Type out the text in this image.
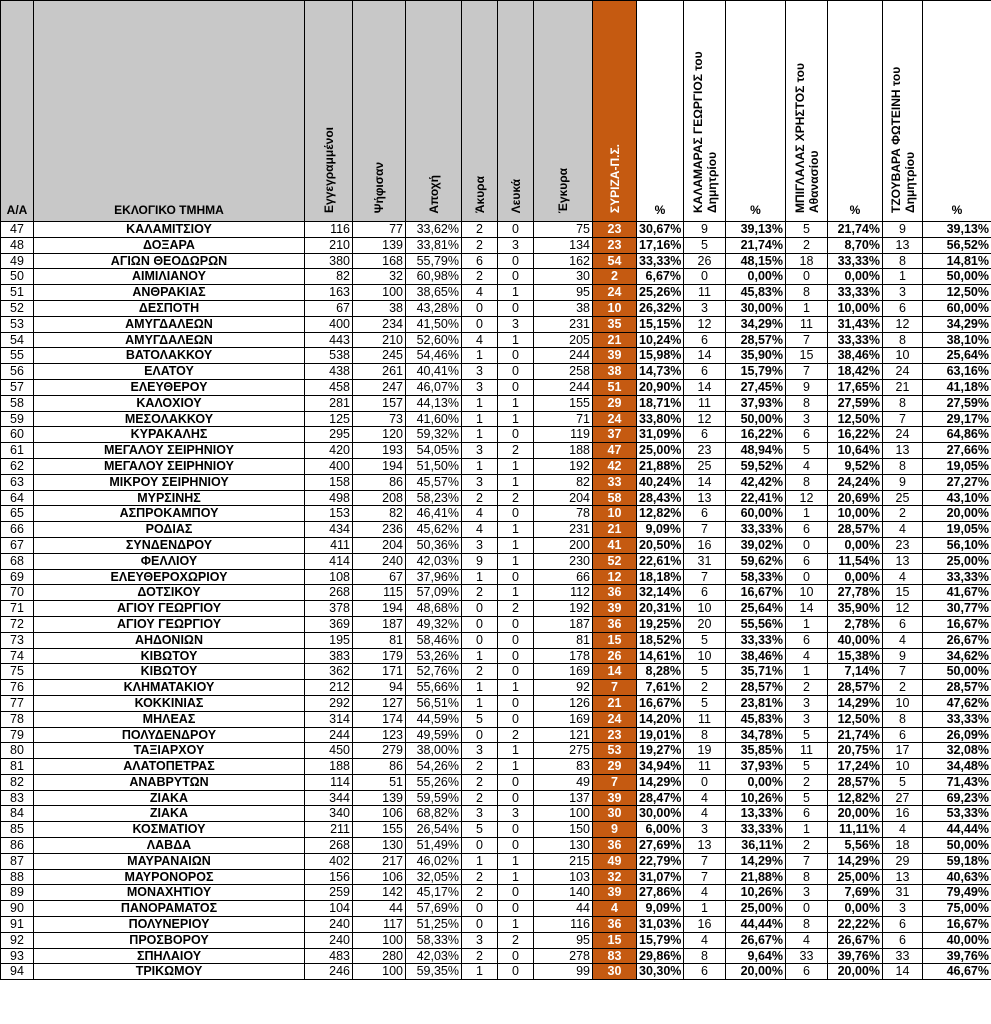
Α/Α	ΕΚΛΟΓΙΚΟ ΤΜΗΜΑ	Εγγεγραμμένοι	Ψήφισαν	Αποχή	Άκυρα	Λευκά	Έγκυρα	ΣΥΡΙΖΑ-Π.Σ.	%	ΚΑΛΑΜΑΡΑΣ ΓΕΩΡΓΙΟΣ του Δημητρίου	%	ΜΠΙΓΛΑΛΑΣ ΧΡΗΣΤΟΣ του Αθανασίου	%	ΤΖΟΥΒΑΡΑ ΦΩΤΕΙΝΗ του Δημητρίου	%

47	ΚΑΛΑΜΙΤΣΙΟΥ	116	77	33,62%	2	0	75	23	30,67%	9	39,13%	5	21,74%	9	39,13%
48	ΔΟΞΑΡΑ	210	139	33,81%	2	3	134	23	17,16%	5	21,74%	2	8,70%	13	56,52%
49	ΑΓΙΩΝ ΘΕΟΔΩΡΩΝ	380	168	55,79%	6	0	162	54	33,33%	26	48,15%	18	33,33%	8	14,81%
50	ΑΙΜΙΛΙΑΝΟΥ	82	32	60,98%	2	0	30	2	6,67%	0	0,00%	0	0,00%	1	50,00%
51	ΑΝΘΡΑΚΙΑΣ	163	100	38,65%	4	1	95	24	25,26%	11	45,83%	8	33,33%	3	12,50%
52	ΔΕΣΠΟΤΗ	67	38	43,28%	0	0	38	10	26,32%	3	30,00%	1	10,00%	6	60,00%
53	ΑΜΥΓΔΑΛΕΩΝ	400	234	41,50%	0	3	231	35	15,15%	12	34,29%	11	31,43%	12	34,29%
54	ΑΜΥΓΔΑΛΕΩΝ	443	210	52,60%	4	1	205	21	10,24%	6	28,57%	7	33,33%	8	38,10%
55	ΒΑΤΟΛΑΚΚΟΥ	538	245	54,46%	1	0	244	39	15,98%	14	35,90%	15	38,46%	10	25,64%
56	ΕΛΑΤΟΥ	438	261	40,41%	3	0	258	38	14,73%	6	15,79%	7	18,42%	24	63,16%
57	ΕΛΕΥΘΕΡΟΥ	458	247	46,07%	3	0	244	51	20,90%	14	27,45%	9	17,65%	21	41,18%
58	ΚΑΛΟΧΙΟΥ	281	157	44,13%	1	1	155	29	18,71%	11	37,93%	8	27,59%	8	27,59%
59	ΜΕΣΟΛΑΚΚΟΥ	125	73	41,60%	1	1	71	24	33,80%	12	50,00%	3	12,50%	7	29,17%
60	ΚΥΡΑΚΑΛΗΣ	295	120	59,32%	1	0	119	37	31,09%	6	16,22%	6	16,22%	24	64,86%
61	ΜΕΓΑΛΟΥ ΣΕΙΡΗΝΙΟΥ	420	193	54,05%	3	2	188	47	25,00%	23	48,94%	5	10,64%	13	27,66%
62	ΜΕΓΑΛΟΥ ΣΕΙΡΗΝΙΟΥ	400	194	51,50%	1	1	192	42	21,88%	25	59,52%	4	9,52%	8	19,05%
63	ΜΙΚΡΟΥ ΣΕΙΡΗΝΙΟΥ	158	86	45,57%	3	1	82	33	40,24%	14	42,42%	8	24,24%	9	27,27%
64	ΜΥΡΣΙΝΗΣ	498	208	58,23%	2	2	204	58	28,43%	13	22,41%	12	20,69%	25	43,10%
65	ΑΣΠΡΟΚΑΜΠΟΥ	153	82	46,41%	4	0	78	10	12,82%	6	60,00%	1	10,00%	2	20,00%
66	ΡΟΔΙΑΣ	434	236	45,62%	4	1	231	21	9,09%	7	33,33%	6	28,57%	4	19,05%
67	ΣΥΝΔΕΝΔΡΟΥ	411	204	50,36%	3	1	200	41	20,50%	16	39,02%	0	0,00%	23	56,10%
68	ΦΕΛΛΙΟΥ	414	240	42,03%	9	1	230	52	22,61%	31	59,62%	6	11,54%	13	25,00%
69	ΕΛΕΥΘΕΡΟΧΩΡΙΟΥ	108	67	37,96%	1	0	66	12	18,18%	7	58,33%	0	0,00%	4	33,33%
70	ΔΟΤΣΙΚΟΥ	268	115	57,09%	2	1	112	36	32,14%	6	16,67%	10	27,78%	15	41,67%
71	ΑΓΙΟΥ ΓΕΩΡΓΙΟΥ	378	194	48,68%	0	2	192	39	20,31%	10	25,64%	14	35,90%	12	30,77%
72	ΑΓΙΟΥ ΓΕΩΡΓΙΟΥ	369	187	49,32%	0	0	187	36	19,25%	20	55,56%	1	2,78%	6	16,67%
73	ΑΗΔΟΝΙΩΝ	195	81	58,46%	0	0	81	15	18,52%	5	33,33%	6	40,00%	4	26,67%
74	ΚΙΒΩΤΟΥ	383	179	53,26%	1	0	178	26	14,61%	10	38,46%	4	15,38%	9	34,62%
75	ΚΙΒΩΤΟΥ	362	171	52,76%	2	0	169	14	8,28%	5	35,71%	1	7,14%	7	50,00%
76	ΚΛΗΜΑΤΑΚΙΟΥ	212	94	55,66%	1	1	92	7	7,61%	2	28,57%	2	28,57%	2	28,57%
77	ΚΟΚΚΙΝΙΑΣ	292	127	56,51%	1	0	126	21	16,67%	5	23,81%	3	14,29%	10	47,62%
78	ΜΗΛΕΑΣ	314	174	44,59%	5	0	169	24	14,20%	11	45,83%	3	12,50%	8	33,33%
79	ΠΟΛΥΔΕΝΔΡΟΥ	244	123	49,59%	0	2	121	23	19,01%	8	34,78%	5	21,74%	6	26,09%
80	ΤΑΞΙΑΡΧΟΥ	450	279	38,00%	3	1	275	53	19,27%	19	35,85%	11	20,75%	17	32,08%
81	ΑΛΑΤΟΠΕΤΡΑΣ	188	86	54,26%	2	1	83	29	34,94%	11	37,93%	5	17,24%	10	34,48%
82	ΑΝΑΒΡΥΤΩΝ	114	51	55,26%	2	0	49	7	14,29%	0	0,00%	2	28,57%	5	71,43%
83	ΖΙΑΚΑ	344	139	59,59%	2	0	137	39	28,47%	4	10,26%	5	12,82%	27	69,23%
84	ΖΙΑΚΑ	340	106	68,82%	3	3	100	30	30,00%	4	13,33%	6	20,00%	16	53,33%
85	ΚΟΣΜΑΤΙΟΥ	211	155	26,54%	5	0	150	9	6,00%	3	33,33%	1	11,11%	4	44,44%
86	ΛΑΒΔΑ	268	130	51,49%	0	0	130	36	27,69%	13	36,11%	2	5,56%	18	50,00%
87	ΜΑΥΡΑΝΑΙΩΝ	402	217	46,02%	1	1	215	49	22,79%	7	14,29%	7	14,29%	29	59,18%
88	ΜΑΥΡΟΝΟΡΟΣ	156	106	32,05%	2	1	103	32	31,07%	7	21,88%	8	25,00%	13	40,63%
89	ΜΟΝΑΧΗΤΙΟΥ	259	142	45,17%	2	0	140	39	27,86%	4	10,26%	3	7,69%	31	79,49%
90	ΠΑΝΟΡΑΜΑΤΟΣ	104	44	57,69%	0	0	44	4	9,09%	1	25,00%	0	0,00%	3	75,00%
91	ΠΟΛΥΝΕΡΙΟΥ	240	117	51,25%	0	1	116	36	31,03%	16	44,44%	8	22,22%	6	16,67%
92	ΠΡΟΣΒΟΡΟΥ	240	100	58,33%	3	2	95	15	15,79%	4	26,67%	4	26,67%	6	40,00%
93	ΣΠΗΛΑΙΟΥ	483	280	42,03%	2	0	278	83	29,86%	8	9,64%	33	39,76%	33	39,76%
94	ΤΡΙΚΩΜΟΥ	246	100	59,35%	1	0	99	30	30,30%	6	20,00%	6	20,00%	14	46,67%
